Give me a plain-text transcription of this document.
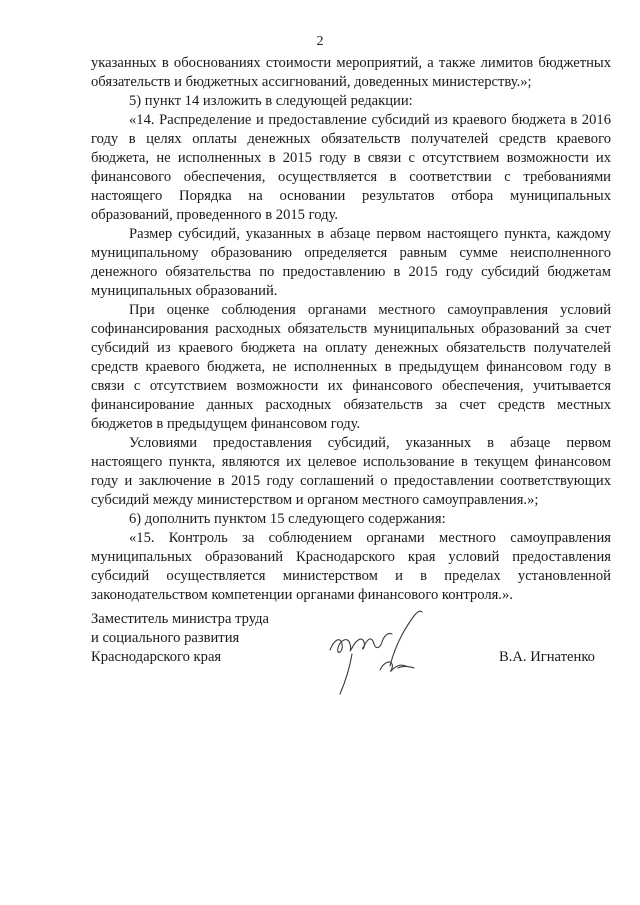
2

указанных в обоснованиях стоимости мероприятий, а также лимитов бюджетных обязательств и бюджетных ассигнований, доведенных министерству.»;

5) пункт 14 изложить в следующей редакции:

«14. Распределение и предоставление субсидий из краевого бюджета в 2016 году в целях оплаты денежных обязательств получателей средств краевого бюджета, не исполненных в 2015 году в связи с отсутствием возможности их финансового обеспечения, осуществляется в соответствии с требованиями настоящего Порядка на основании результатов отбора муниципальных образований, проведенного в 2015 году.

Размер субсидий, указанных в абзаце первом настоящего пункта, каждому муниципальному образованию определяется равным сумме неисполненного денежного обязательства по предоставлению в 2015 году субсидий бюджетам муниципальных образований.

При оценке соблюдения органами местного самоуправления условий софинансирования расходных обязательств муниципальных образований за счет субсидий из краевого бюджета на оплату денежных обязательств получателей средств краевого бюджета, не исполненных в предыдущем финансовом году в связи с отсутствием возможности их финансового обеспечения, учитывается финансирование данных расходных обязательств за счет средств местных бюджетов в предыдущем финансовом году.

Условиями предоставления субсидий, указанных в абзаце первом настоящего пункта, являются их целевое использование в текущем финансовом году и заключение в 2015 году соглашений о предоставлении соответствующих субсидий между министерством и органом местного самоуправления.»;

6) дополнить пунктом 15 следующего содержания:

«15. Контроль за соблюдением органами местного самоуправления муниципальных образований Краснодарского края условий предоставления субсидий осуществляется министерством и в пределах установленной законодательством компетенции органами финансового контроля.».

Заместитель министра труда
и социального развития
Краснодарского края	В.А. Игнатенко
